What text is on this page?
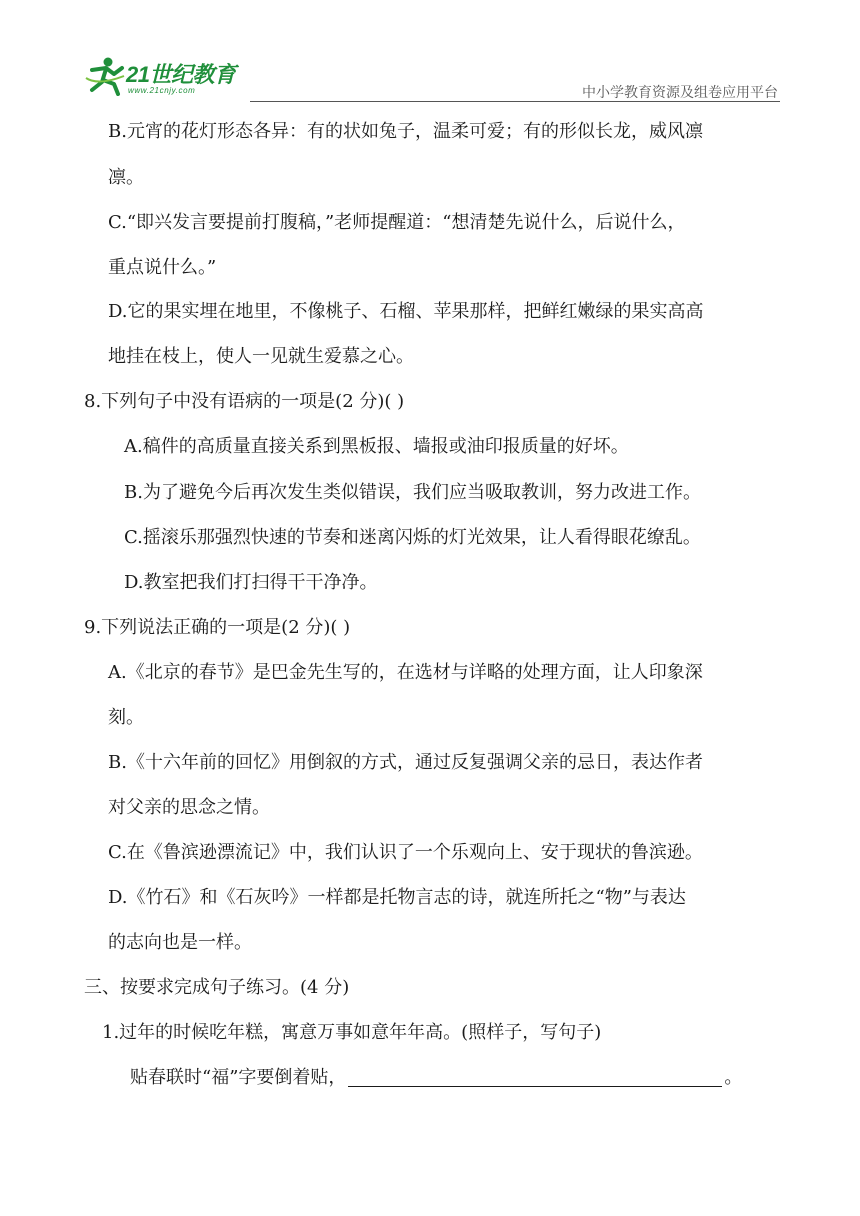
21世纪教育
www.21cnjy.com	中小学教育资源及组卷应用平台
B.元宵的花灯形态各异：有的状如兔子，温柔可爱；有的形似长龙，威风凛
凛。
C.“即兴发言要提前打腹稿，”老师提醒道：“想清楚先说什么，后说什么，
重点说什么。”
D.它的果实埋在地里，不像桃子、石榴、苹果那样，把鲜红嫩绿的果实高高
地挂在枝上，使人一见就生爱慕之心。
8.下列句子中没有语病的一项是(2 分)( )
A.稿件的高质量直接关系到黑板报、墙报或油印报质量的好坏。
B.为了避免今后再次发生类似错误，我们应当吸取教训，努力改进工作。
C.摇滚乐那强烈快速的节奏和迷离闪烁的灯光效果，让人看得眼花缭乱。
D.教室把我们打扫得干干净净。
9.下列说法正确的一项是(2 分)( )
A.《北京的春节》是巴金先生写的，在选材与详略的处理方面，让人印象深
刻。
B.《十六年前的回忆》用倒叙的方式，通过反复强调父亲的忌日，表达作者
对父亲的思念之情。
C.在《鲁滨逊漂流记》中，我们认识了一个乐观向上、安于现状的鲁滨逊。
D.《竹石》和《石灰吟》一样都是托物言志的诗，就连所托之“物”与表达
的志向也是一样。
三、按要求完成句子练习。(4 分)
1.过年的时候吃年糕，寓意万事如意年年高。(照样子，写句子)
贴春联时“福”字要倒着贴，	。
